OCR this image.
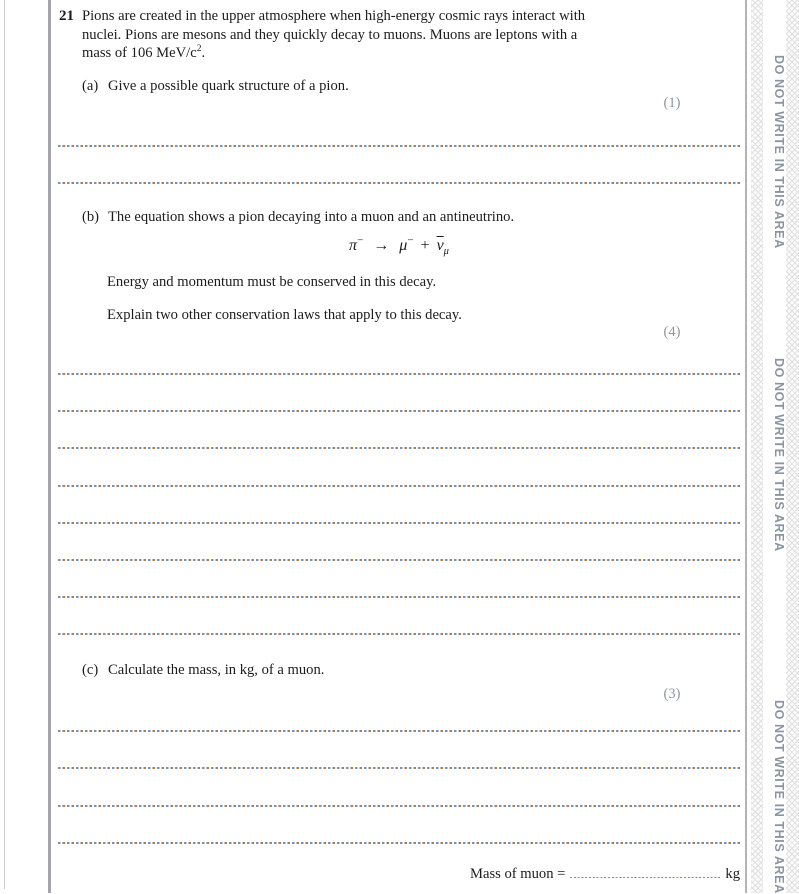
21 Pions are created in the upper atmosphere when high-energy cosmic rays interact with
nuclei. Pions are mesons and they quickly decay to muons. Muons are leptons with a
mass of 106 MeV/$c^2$.
(a) Give a possible quark structure of a pion.
(1)
(b) The equation shows a pion decaying into a muon and an antineutrino.
$\pi^- \to \mu^- + \overline{\nu}_\mu$
Energy and momentum must be conserved in this decay.
Explain two other conservation laws that apply to this decay.
(4)
(c) Calculate the mass, in kg, of a muon.
(3)
Mass of muon =	kg
DO NOT WRITE IN THIS AREA
DO NOT WRITE IN THIS AREA
DO NOT WRITE IN THIS AREA
